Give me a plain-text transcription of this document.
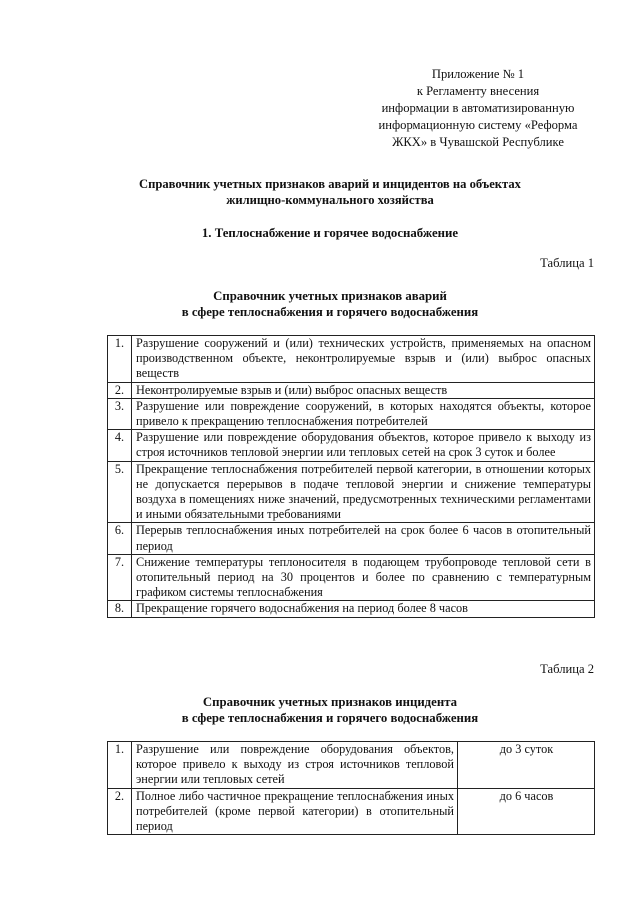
Приложение № 1
к Регламенту внесения
информации в автоматизированную
информационную систему «Реформа
ЖКХ» в Чувашской Республике
Справочник учетных признаков аварий и инцидентов на объектах
жилищно-коммунального хозяйства
1. Теплоснабжение и горячее водоснабжение
Таблица 1
Справочник учетных признаков аварий
в сфере теплоснабжения и горячего водоснабжения
1.	Разрушение сооружений и (или) технических устройств, применяемых на опасном производственном объекте, неконтролируемые взрыв и (или) выброс опасных веществ
2.	Неконтролируемые взрыв и (или) выброс опасных веществ
3.	Разрушение или повреждение сооружений, в которых находятся объекты, которое привело к прекращению теплоснабжения потребителей
4.	Разрушение или повреждение оборудования объектов, которое привело к выходу из строя источников тепловой энергии или тепловых сетей на срок 3 суток и более
5.	Прекращение теплоснабжения потребителей первой категории, в отношении которых не допускается перерывов в подаче тепловой энергии и снижение температуры воздуха в помещениях ниже значений, предусмотренных техническими регламентами и иными обязательными требованиями
6.	Перерыв теплоснабжения иных потребителей на срок более 6 часов в отопительный период
7.	Снижение температуры теплоносителя в подающем трубопроводе тепловой сети в отопительный период на 30 процентов и более по сравнению с температурным графиком системы теплоснабжения
8.	Прекращение горячего водоснабжения на период более 8 часов
Таблица 2
Справочник учетных признаков инцидента
в сфере теплоснабжения и горячего водоснабжения
1.	Разрушение или повреждение оборудования объектов, которое привело к выходу из строя источников тепловой энергии или тепловых сетей	до 3 суток
2.	Полное либо частичное прекращение теплоснабжения иных потребителей (кроме первой категории) в отопительный период	до 6 часов
